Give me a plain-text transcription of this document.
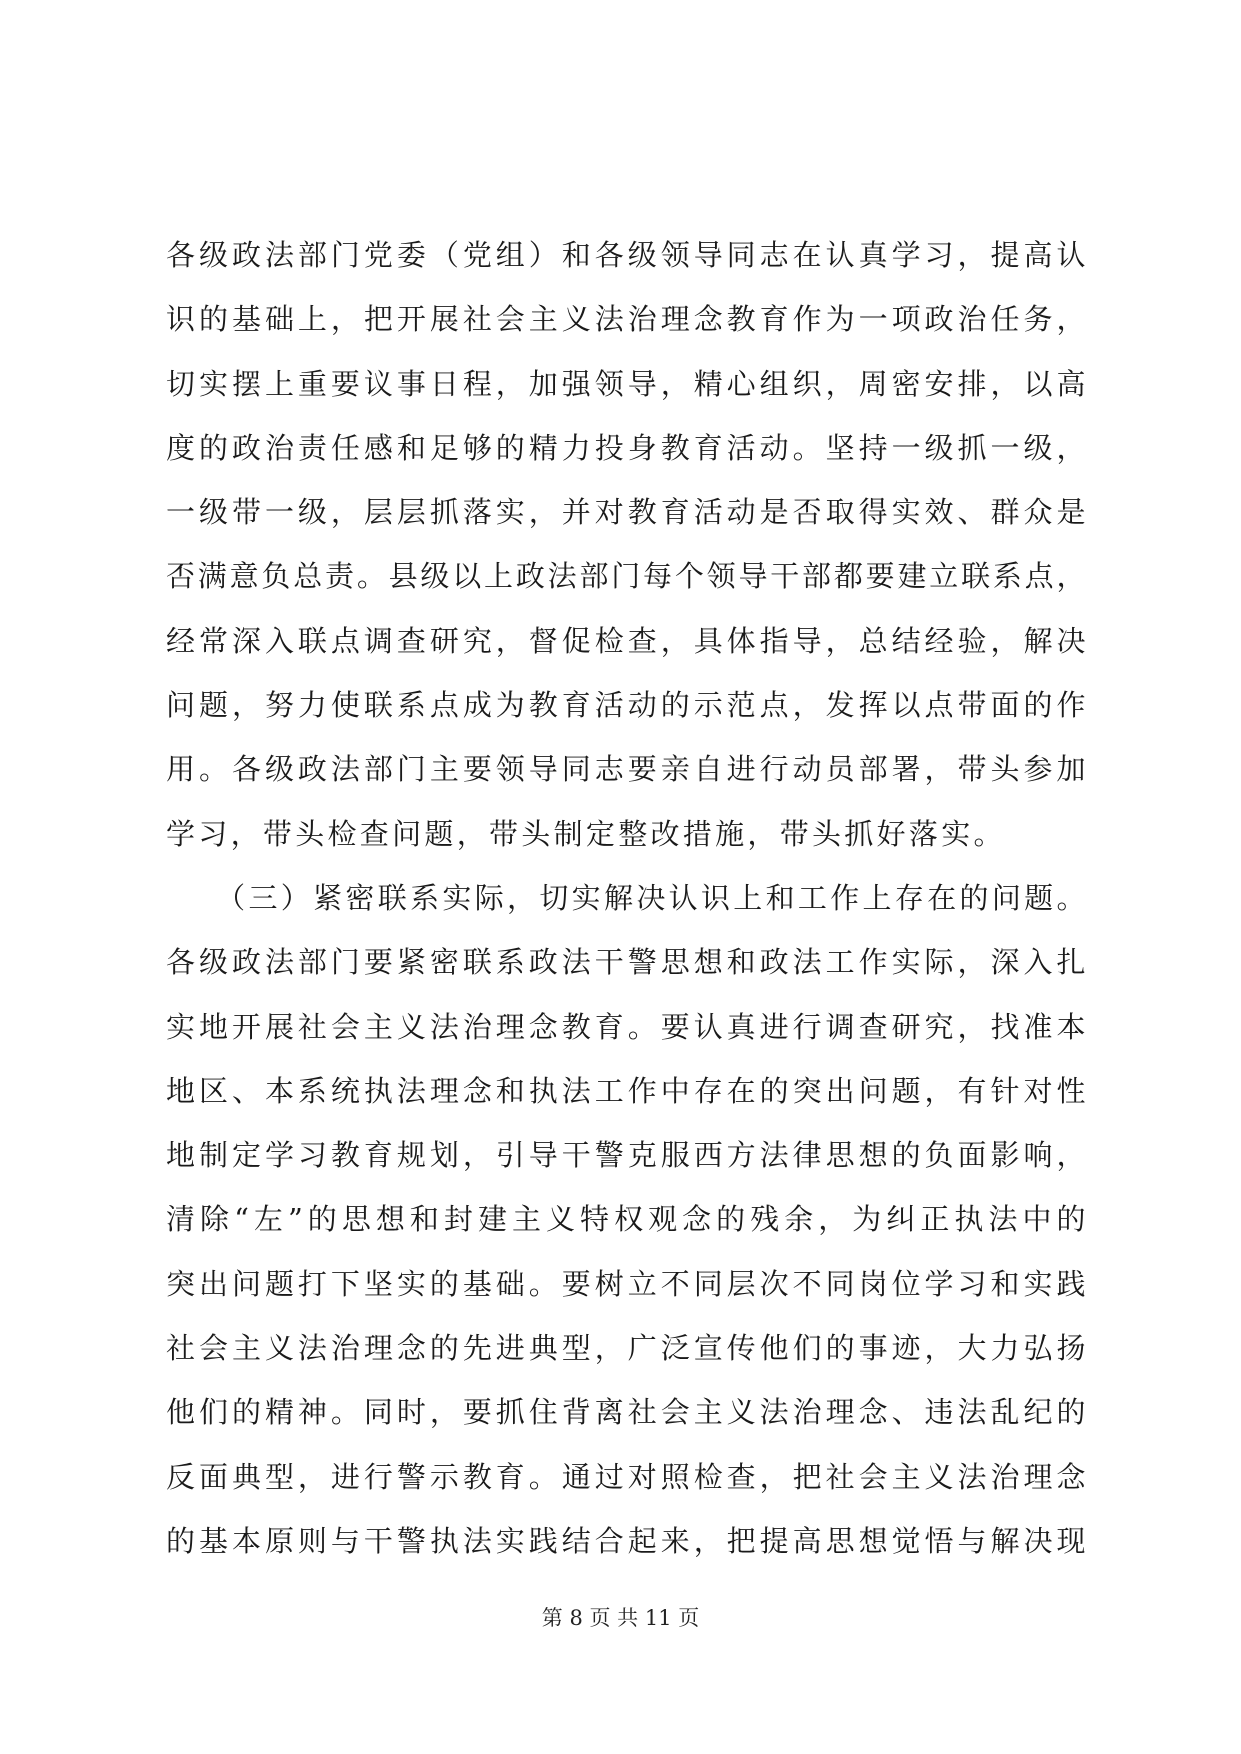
各级政法部门党委（党组）和各级领导同志在认真学习，提高认
识的基础上，把开展社会主义法治理念教育作为一项政治任务，
切实摆上重要议事日程，加强领导，精心组织，周密安排，以高
度的政治责任感和足够的精力投身教育活动。坚持一级抓一级，
一级带一级，层层抓落实，并对教育活动是否取得实效、群众是
否满意负总责。县级以上政法部门每个领导干部都要建立联系点，
经常深入联点调查研究，督促检查，具体指导，总结经验，解决
问题，努力使联系点成为教育活动的示范点，发挥以点带面的作
用。各级政法部门主要领导同志要亲自进行动员部署，带头参加
学习，带头检查问题，带头制定整改措施，带头抓好落实。
　　（三）紧密联系实际，切实解决认识上和工作上存在的问题。
各级政法部门要紧密联系政法干警思想和政法工作实际，深入扎
实地开展社会主义法治理念教育。要认真进行调查研究，找准本
地区、本系统执法理念和执法工作中存在的突出问题，有针对性
地制定学习教育规划，引导干警克服西方法律思想的负面影响，
清除“左”的思想和封建主义特权观念的残余，为纠正执法中的
突出问题打下坚实的基础。要树立不同层次不同岗位学习和实践
社会主义法治理念的先进典型，广泛宣传他们的事迹，大力弘扬
他们的精神。同时，要抓住背离社会主义法治理念、违法乱纪的
反面典型，进行警示教育。通过对照检查，把社会主义法治理念
的基本原则与干警执法实践结合起来，把提高思想觉悟与解决现
第 8 页 共 11 页
